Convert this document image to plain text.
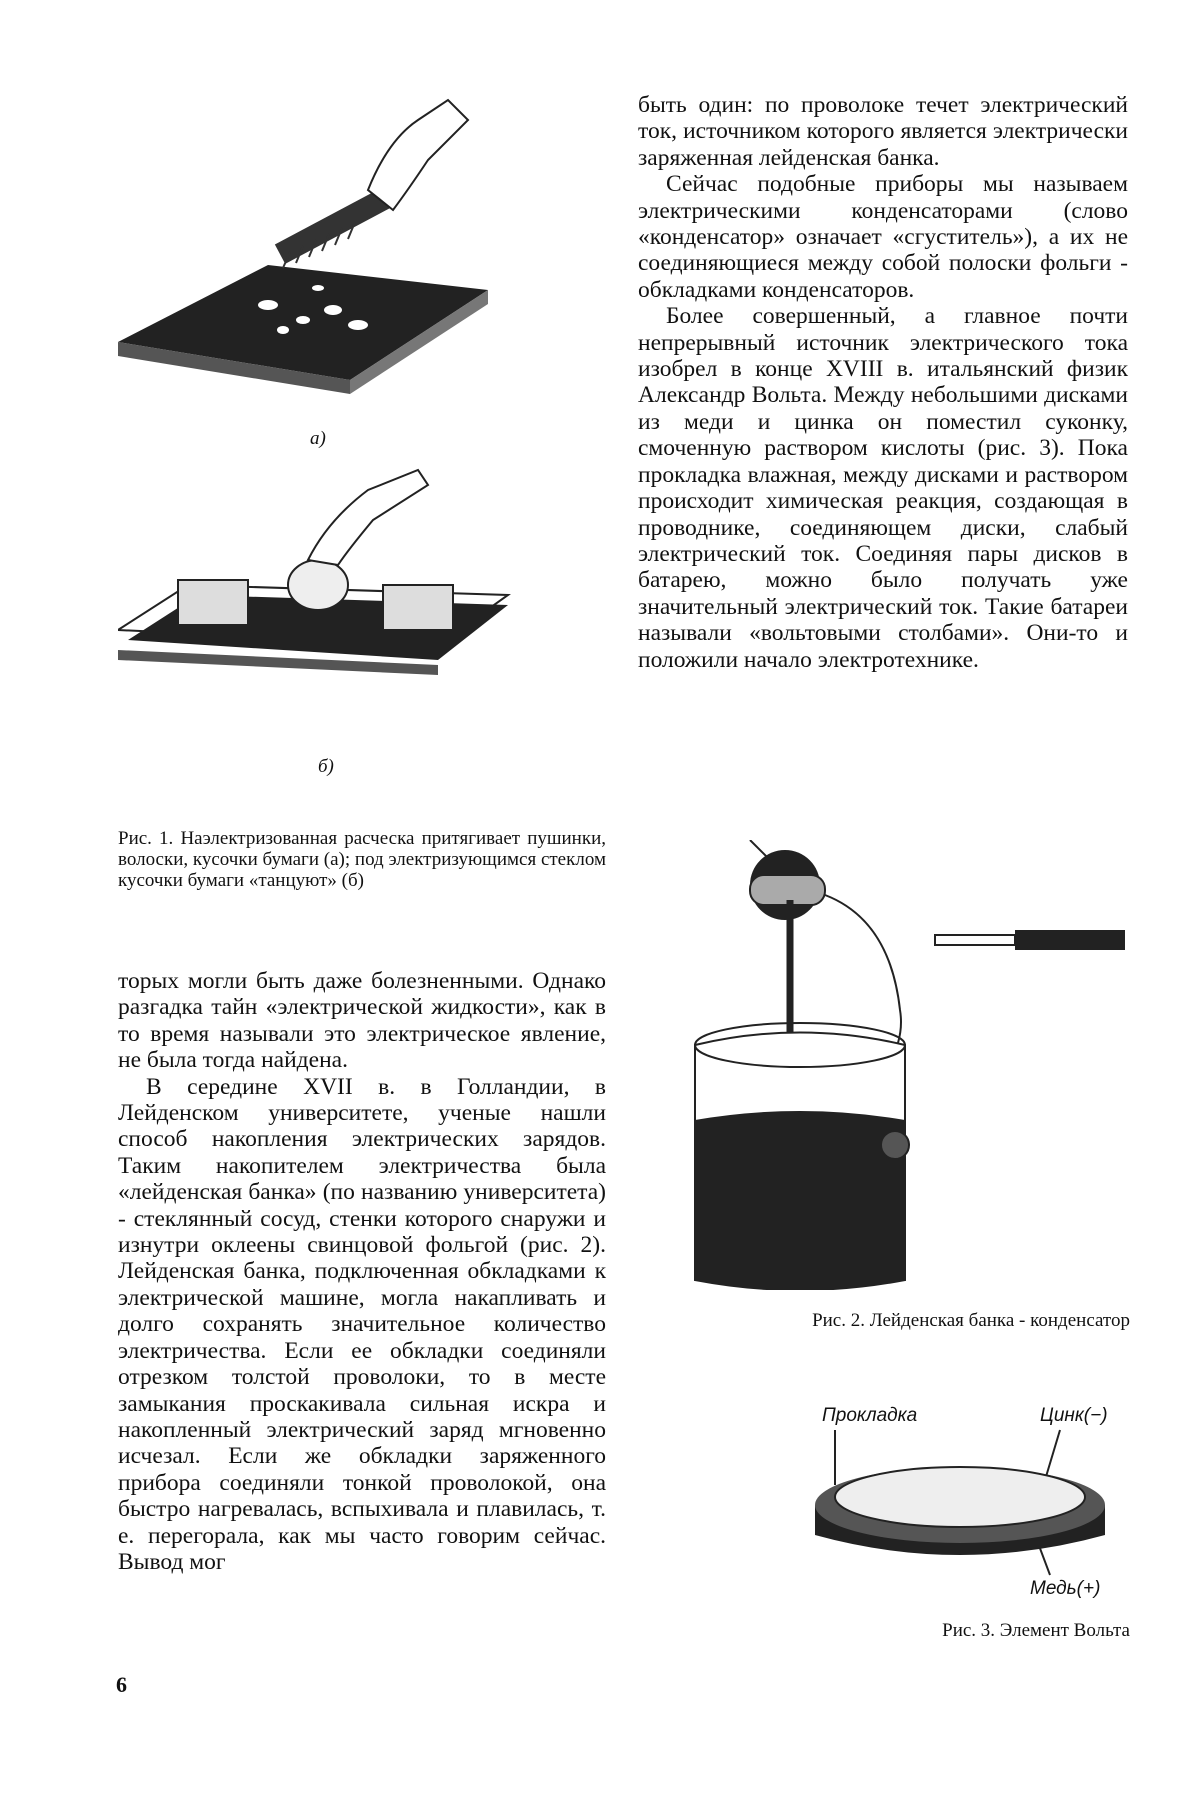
а)
б)
Рис. 1. Наэлектризованная расческа притягивает пушинки, волоски, кусочки бумаги (а); под электризующимся стеклом кусочки бумаги «танцуют» (б)

быть один: по проволоке течет электрический ток, источником которого является электрически заряженная лейденская банка.

Сейчас подобные приборы мы называем электрическими конденсаторами (слово «конденсатор» означает «сгуститель»), а их не соединяющиеся между собой полоски фольги - обкладками конденсаторов.

Более совершенный, а главное почти непрерывный источник электрического тока изобрел в конце XVIII в. итальянский физик Александр Вольта. Между небольшими дисками из меди и цинка он поместил суконку, смоченную раствором кислоты (рис. 3). Пока прокладка влажная, между дисками и раствором происходит химическая реакция, создающая в проводнике, соединяющем диски, слабый электрический ток. Соединяя пары дисков в батарею, можно было получать уже значительный электрический ток. Такие батареи называли «вольтовыми столбами». Они-то и положили начало электротехнике.

торых могли быть даже болезненными. Однако разгадка тайн «электрической жидкости», как в то время называли это электрическое явление, не была тогда найдена.

В середине XVII в. в Голландии, в Лейденском университете, ученые нашли способ накопления электрических зарядов. Таким накопителем электричества была «лейденская банка» (по названию университета) - стеклянный сосуд, стенки которого снаружи и изнутри оклеены свинцовой фольгой (рис. 2). Лейденская банка, подключенная обкладками к электрической машине, могла накапливать и долго сохранять значительное количество электричества. Если ее обкладки соединяли отрезком толстой проволоки, то в месте замыкания проскакивала сильная искра и накопленный электрический заряд мгновенно исчезал. Если же обкладки заряженного прибора соединяли тонкой проволокой, она быстро нагревалась, вспыхивала и плавилась, т. е. перегорала, как мы часто говорим сейчас. Вывод мог

Рис. 2. Лейденская банка - конденсатор
Прокладка	Цинк(−)
Медь(+)
Рис. 3. Элемент Вольта
6
